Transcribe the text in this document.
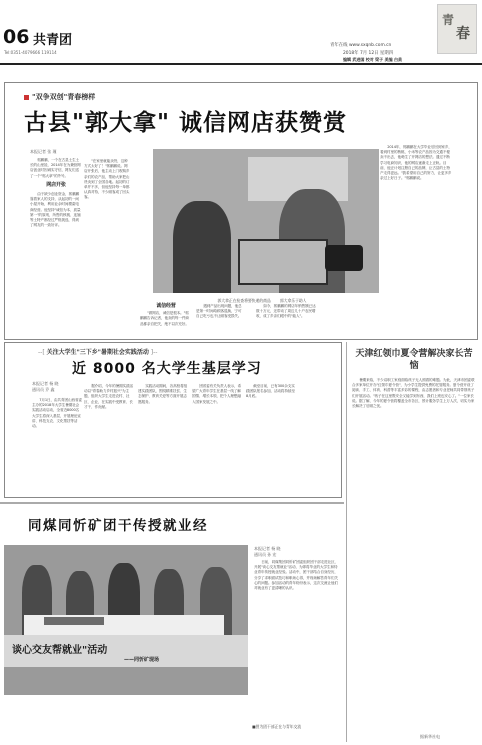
06 共青团
Tel:0351-4079666 119114
青年在线 www.sxqnb.com.cn
2018年 7月 12日 星期四
编辑 武进国 校对 梁子 美编 白美
青
春
"双争双创"青春榜样
古县"郭大拿" 诚信网店获赞赏
本报记者 张 瑾

郭鹏鹏，一个在古县土生土长的山里娃，2014年在为兼营网店创业时因诚实守信，网友们送了一个"郭大拿"的外号。

网店开张

由于缺少创业资金，郭鹏鹏靠着家人的支持，从起初的一间小屋开始，利用业余时间摸索电商经营。他坚持"诚信为本、质量第一"的原则，所售的核桃、连翘等土特产都经过严格挑选，得到了网友的一致好评。

"在家里就能卖货，这种方式太好了！"郭鹏鹏说。网店开张后，他主动上门收购乡亲们的农产品，帮助大家把山货卖到了全国各地。起初的订单并不多，但他坚持每一单都认真对待，不少顾客成了回头客。

郭大拿正在检查将要快递的商品 郭大拿乐于助人

诚信经营

"做网店，诚信是根本。"郭鹏鹏告诉记者，他卖的每一件商品都亲自把关，绝不以次充好。

遇到产品出现问题，他总是第一时间给顾客退换，宁可自己吃亏也不让顾客受损失。

如今，郭鹏鹏的网店年销售额已达数十万元，还带动了周边几十户农民增收，成了乡亲们眼中的"能人"。

2014年，郭鹏鹏在大学毕业后回到家乡，看到村里的核桃、小米等农产品因为交通不便卖不出去，他萌生了开网店的想法。通过不断学习电商知识，他的网店逐渐走上正轨。目前，他正计划注册自己的品牌，让古县的土特产走得更远。"我希望用自己的努力，让更多乡亲过上好日子。"郭鹏鹏说。

--[ 关注大学生"三下乡"暑期社会实践活动 ]--
近 8000 名大学生基层学习
本报记者 杨 晓
通讯员 乔 鑫

7月1日，由共青团山西省委主办的2018年大学生暑期社会实践活动启动，全省近8000名大学生将深入基层，开展理论宣讲、科技支农、文化帮扶等活动。

据介绍，今年的暑期实践活动以"青春助力乡村振兴"为主题，组织大学生走进农村、社区、企业，在实践中受教育、长才干、作贡献。

实践活动期间，各高校将组建实践团队，围绕精准扶贫、生态保护、教育关爱等方面开展志愿服务。

团省委有关负责人表示，希望广大青年学生在基层一线了解国情、增长本领，把个人理想融入国家发展之中。

截至目前，已有300余支实践团队报名参加，活动将持续至8月底。

同煤同忻矿团干传授就业经
谈心交友帮就业"活动
——同忻矿现场
本报记者 杨 晓
通讯员 孙 宏

日前，同煤集团同忻矿团委组织团干部走进社区，开展"谈心交友帮就业"活动，为即将毕业的大学生和待业青年传授就业经验。活动中，团干部结合自身经历，分享了求职面试技巧和职场心得，并现场解答青年们关心的问题。参加活动的青年纷纷表示，这次交流让他们对就业有了更清晰的认识。

■图为团干部正在与青年交流
天津红领巾夏令营解决家长苦恼

暑期来临，不少双职工家庭面临孩子无人照看的难题。为此，天津市团委联合多家单位开办"红领巾夏令营"，为小学生提供免费的托管服务。夏令营开设了阅读、手工、体育、科普等丰富多彩的课程，由志愿者和专业老师共同带领孩子们开展活动。"孩子在这里既安全又能学到东西，我们上班也安心了。"一位家长说。据了解，今年的夏令营将覆盖全市各区，预计服务学生上万人次，切实为家长解决了后顾之忧。

据新华社电
